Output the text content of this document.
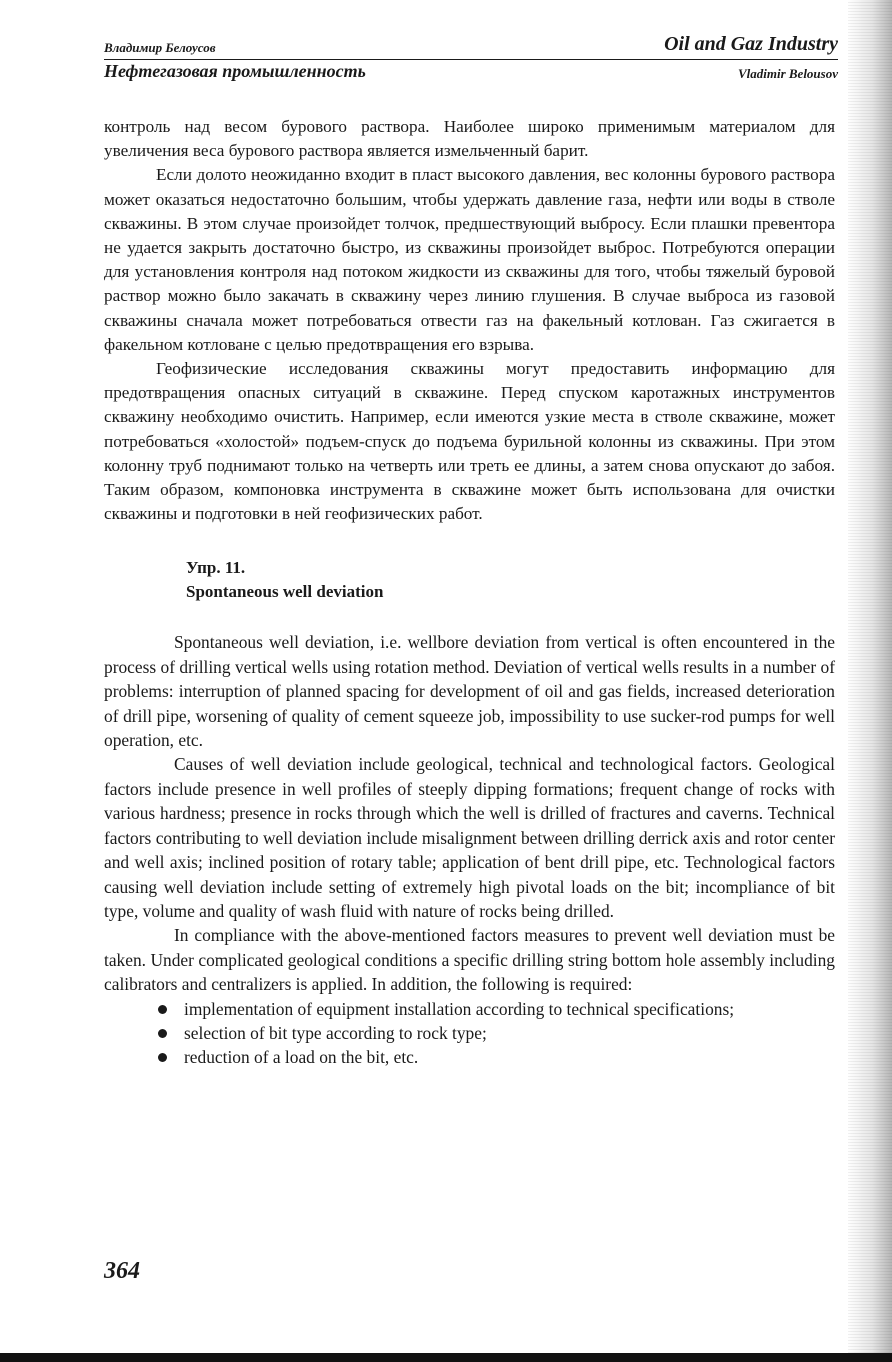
Владимир Белоусов	Oil and Gaz Industry
Нефтегазовая промышленность	Vladimir Belousov

контроль над весом бурового раствора. Наиболее широко применимым материалом для увеличения веса бурового раствора является измельченный барит.

Если долото неожиданно входит в пласт высокого давления, вес колонны бурового раствора может оказаться недостаточно большим, чтобы удержать давление газа, нефти или воды в стволе скважины. В этом случае произойдет толчок, предшествующий выбросу. Если плашки превентора не удается закрыть достаточно быстро, из скважины произойдет выброс. Потребуются операции для установления контроля над потоком жидкости из скважины для того, чтобы тяжелый буровой раствор можно было закачать в скважину через линию глушения. В случае выброса из газовой скважины сначала может потребоваться отвести газ на факельный котлован. Газ сжигается в факельном котловане с целью предотвращения его взрыва.

Геофизические исследования скважины могут предоставить информацию для предотвращения опасных ситуаций в скважине. Перед спуском каротажных инструментов скважину необходимо очистить. Например, если имеются узкие места в стволе скважине, может потребоваться «холостой» подъем-спуск до подъема бурильной колонны из скважины. При этом колонну труб поднимают только на четверть или треть ее длины, а затем снова опускают до забоя. Таким образом, компоновка инструмента в скважине может быть использована для очистки скважины и подготовки в ней геофизических работ.

Упр. 11.
Spontaneous well deviation

Spontaneous well deviation, i.e. wellbore deviation from vertical is often encountered in the process of drilling vertical wells using rotation method. Deviation of vertical wells results in a number of problems: interruption of planned spacing for development of oil and gas fields, increased deterioration of drill pipe, worsening of quality of cement squeeze job, impossibility to use sucker-rod pumps for well operation, etc.

Causes of well deviation include geological, technical and technological factors. Geological factors include presence in well profiles of steeply dipping formations; frequent change of rocks with various hardness; presence in rocks through which the well is drilled of fractures and caverns. Technical factors contributing to well deviation include misalignment between drilling derrick axis and rotor center and well axis; inclined position of rotary table; application of bent drill pipe, etc. Technological factors causing well deviation include setting of extremely high pivotal loads on the bit; incompliance of bit type, volume and quality of wash fluid with nature of rocks being drilled.

In compliance with the above-mentioned factors measures to prevent well deviation must be taken. Under complicated geological conditions a specific drilling string bottom hole assembly including calibrators and centralizers is applied. In addition, the following is required:

implementation of equipment installation according to technical specifications;
selection of bit type according to rock type;
reduction of a load on the bit, etc.
364
